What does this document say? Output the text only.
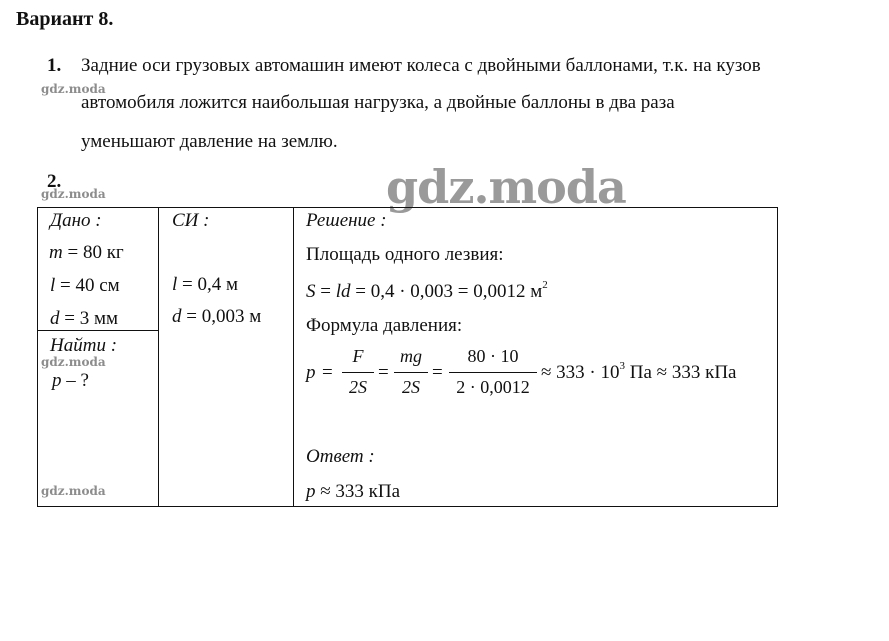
Вариант 8.
1. Задние оси грузовых автомашин имеют колеса с двойными баллонами, т.к. на кузов
gdz.moda
автомобиля ложится наибольшая нагрузка, а двойные баллоны в два раза
уменьшают давление на землю.
2.
gdz.moda	gdz.moda
Дано :
m = 80 кг
l = 40 см
d = 3 мм
Найти :
gdz.moda
p – ?
gdz.moda
СИ :
l = 0,4 м
d = 0,003 м
Решение :
Площадь одного лезвия:
S = ld = 0,4 · 0,003 = 0,0012 $м^2$
Формула давления:
p =
F
2S
=
mg
2S
=
80 · 10
2 · 0,0012
≈ $333 \cdot 10^3$ Па ≈ 333 кПа
Ответ :
p ≈ 333 кПа
